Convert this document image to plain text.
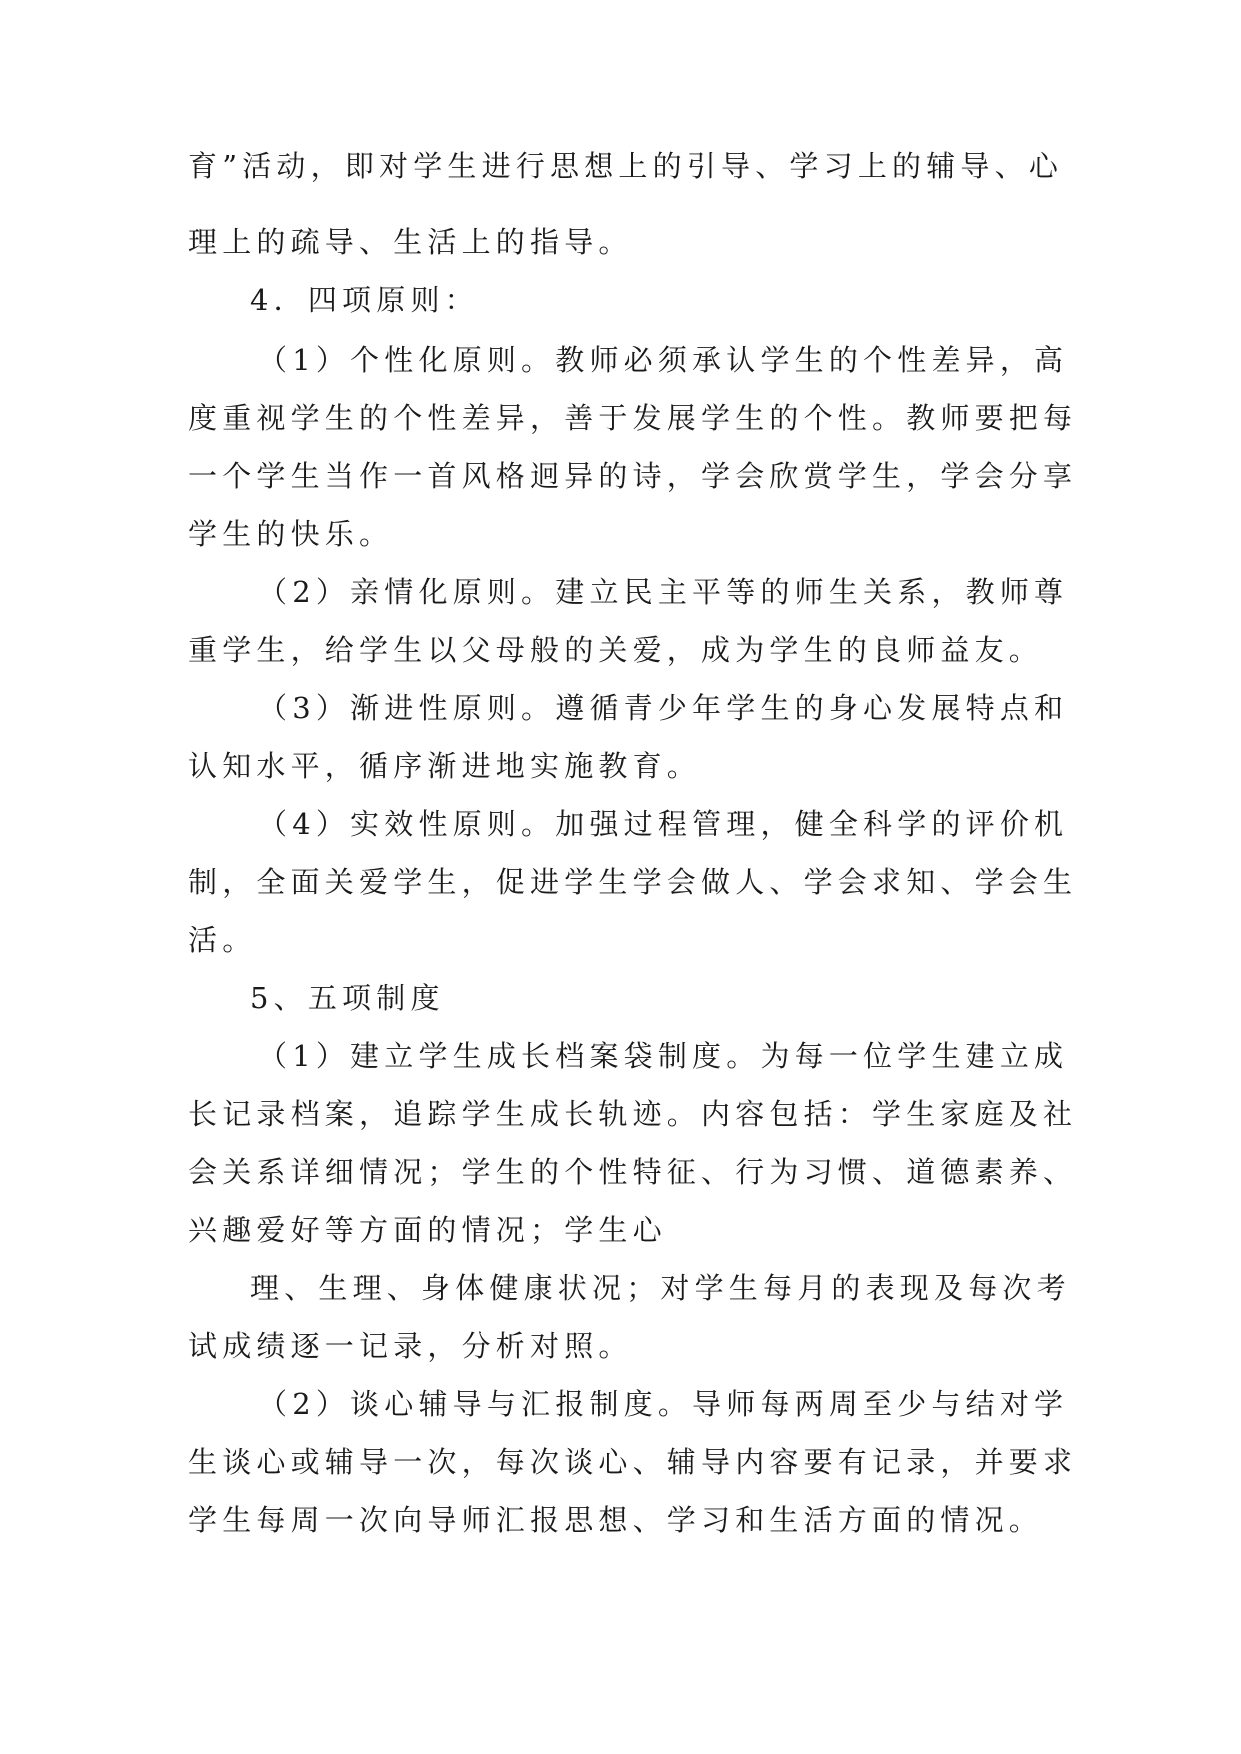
育”活动，即对学生进行思想上的引导、学习上的辅导、心
理上的疏导、生活上的指导。
4．四项原则：
（1）个性化原则。教师必须承认学生的个性差异，高
度重视学生的个性差异，善于发展学生的个性。教师要把每
一个学生当作一首风格迥异的诗，学会欣赏学生，学会分享
学生的快乐。
（2）亲情化原则。建立民主平等的师生关系，教师尊
重学生，给学生以父母般的关爱，成为学生的良师益友。
（3）渐进性原则。遵循青少年学生的身心发展特点和
认知水平，循序渐进地实施教育。
（4）实效性原则。加强过程管理，健全科学的评价机
制，全面关爱学生，促进学生学会做人、学会求知、学会生
活。
5、五项制度
（1）建立学生成长档案袋制度。为每一位学生建立成
长记录档案，追踪学生成长轨迹。内容包括：学生家庭及社
会关系详细情况；学生的个性特征、行为习惯、道德素养、
兴趣爱好等方面的情况；学生心
理、生理、身体健康状况；对学生每月的表现及每次考
试成绩逐一记录，分析对照。
（2）谈心辅导与汇报制度。导师每两周至少与结对学
生谈心或辅导一次，每次谈心、辅导内容要有记录，并要求
学生每周一次向导师汇报思想、学习和生活方面的情况。
